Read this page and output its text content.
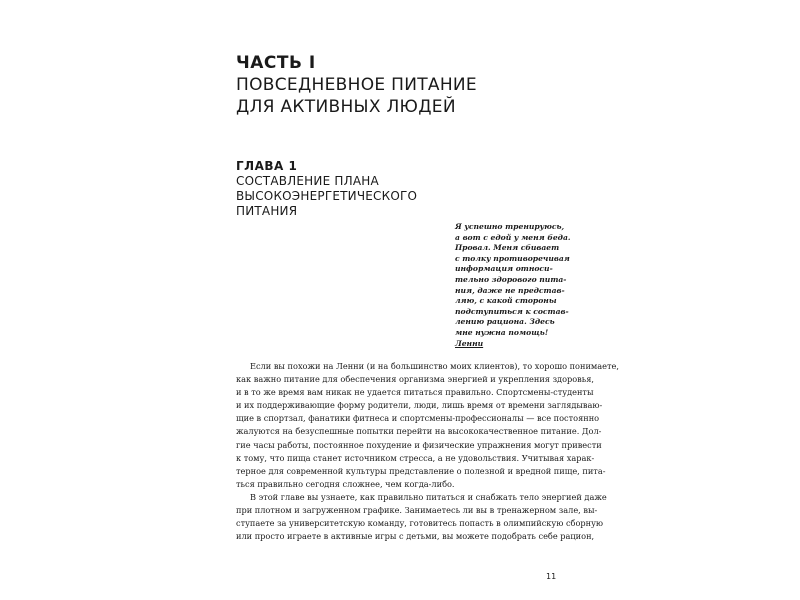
ЧАСТЬ I
ПОВСЕДНЕВНОЕ ПИТАНИЕ
ДЛЯ АКТИВНЫХ ЛЮДЕЙ
ГЛАВА 1
СОСТАВЛЕНИЕ ПЛАНА
ВЫСОКОЭНЕРГЕТИЧЕСКОГО
ПИТАНИЯ
Я успешно тренируюсь,
а вот с едой у меня беда.
Провал. Меня сбивает
с толку противоречивая
информация относи-
тельно здорового пита-
ния, даже не представ-
ляю, с какой стороны
подступиться к состав-
лению рациона. Здесь
мне нужна помощь!
Ленни
Если вы похожи на Ленни (и на большинство моих клиентов), то хорошо понимаете,
как важно питание для обеспечения организма энергией и укрепления здоровья,
и в то же время вам никак не удается питаться правильно. Спортсмены-студенты
и их поддерживающие форму родители, люди, лишь время от времени заглядываю-
щие в спортзал, фанатики фитнеса и спортсмены-профессионалы — все постоянно
жалуются на безуспешные попытки перейти на высококачественное питание. Дол-
гие часы работы, постоянное похудение и физические упражнения могут привести
к тому, что пища станет источником стресса, а не удовольствия. Учитывая харак-
терное для современной культуры представление о полезной и вредной пище, пита-
ться правильно сегодня сложнее, чем когда-либо.
В этой главе вы узнаете, как правильно питаться и снабжать тело энергией даже
при плотном и загруженном графике. Занимаетесь ли вы в тренажерном зале, вы-
ступаете за университетскую команду, готовитесь попасть в олимпийскую сборную
или просто играете в активные игры с детьми, вы можете подобрать себе рацион,
11
